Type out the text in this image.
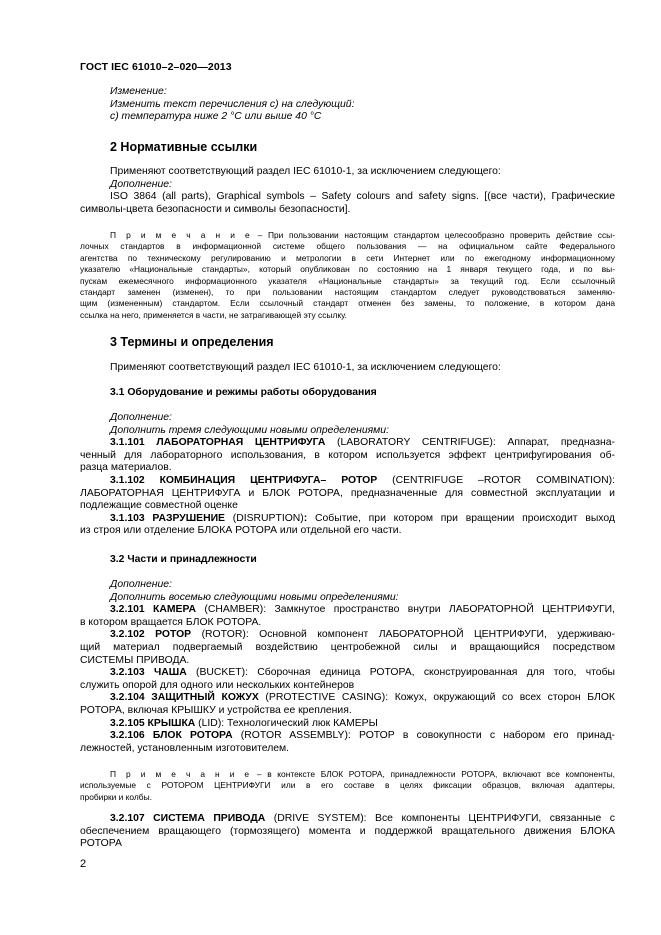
ГОСТ IEC 61010–2–020—2013
Изменение:
Изменить текст перечисления с) на следующий:
с) температура ниже 2 °С или выше 40 °С
2 Нормативные ссылки
Применяют соответствующий раздел IEC 61010-1, за исключением следующего:
Дополнение:
ISO 3864 (all parts), Graphical symbols – Safety colours and safety signs. [(все части), Графические
символы-цвета безопасности и символы безопасности].
П р и м е ч а н и е – При пользовании настоящим стандартом целесообразно проверить действие ссы-
лочных стандартов в информационной системе общего пользования — на официальном сайте Федерального
агентства по техническому регулированию и метрологии в сети Интернет или по ежегодному информационному
указателю «Национальные стандарты», который опубликован по состоянию на 1 января текущего года, и по вы-
пускам ежемесячного информационного указателя «Национальные стандарты» за текущий год. Если ссылочный
стандарт заменен (изменен), то при пользовании настоящим стандартом следует руководствоваться заменяю-
щим (измененным) стандартом. Если ссылочный стандарт отменен без замены, то положение, в котором дана
ссылка на него, применяется в части, не затрагивающей эту ссылку.
3 Термины и определения
Применяют соответствующий раздел IEC 61010-1, за исключением следующего:
3.1 Оборудование и режимы работы оборудования
Дополнение:
Дополнить тремя следующими новыми определениями:
3.1.101 ЛАБОРАТОРНАЯ ЦЕНТРИФУГА (LABORATORY CENTRIFUGE): Аппарат, предназна-
ченный для лабораторного использования, в котором используется эффект центрифугирования об-
разца материалов.
3.1.102 КОМБИНАЦИЯ ЦЕНТРИФУГА– РОТОР (CENTRIFUGE –ROTOR COMBINATION):
ЛАБОРАТОРНАЯ ЦЕНТРИФУГА и БЛОК РОТОРА, предназначенные для совместной эксплуатации и
подлежащие совместной оценке
3.1.103 РАЗРУШЕНИЕ (DISRUPTION): Событие, при котором при вращении происходит выход
из строя или отделение БЛОКА РОТОРА или отдельной его части.
3.2 Части и принадлежности
Дополнение:
Дополнить восемью следующими новыми определениями:
3.2.101 КАМЕРА (CHAMBER): Замкнутое пространство внутри ЛАБОРАТОРНОЙ ЦЕНТРИФУГИ,
в котором вращается БЛОК РОТОРА.
3.2.102 РОТОР (ROTOR): Основной компонент ЛАБОРАТОРНОЙ ЦЕНТРИФУГИ, удерживаю-
щий материал подвергаемый воздействию центробежной силы и вращающийся посредством
СИСТЕМЫ ПРИВОДА.
3.2.103 ЧАША (BUCKET): Сборочная единица РОТОРА, сконструированная для того, чтобы
служить опорой для одного или нескольких контейнеров
3.2.104 ЗАЩИТНЫЙ КОЖУХ (PROTECTIVE CASING): Кожух, окружающий со всех сторон БЛОК
РОТОРА, включая КРЫШКУ и устройства ее крепления.
3.2.105 КРЫШКА (LID): Технологический люк КАМЕРЫ
3.2.106 БЛОК РОТОРА (ROTOR ASSEMBLY): РОТОР в совокупности с набором его принад-
лежностей, установленным изготовителем.
П р и м е ч а н и е – в контексте БЛОК РОТОРА, принадлежности РОТОРА, включают все компоненты,
используемые с РОТОРОМ ЦЕНТРИФУГИ или в его составе в целях фиксации образцов, включая адаптеры,
пробирки и колбы.
3.2.107 СИСТЕМА ПРИВОДА (DRIVE SYSTEM): Все компоненты ЦЕНТРИФУГИ, связанные с
обеспечением вращающего (тормозящего) момента и поддержкой вращательного движения БЛОКА
РОТОРА
2
